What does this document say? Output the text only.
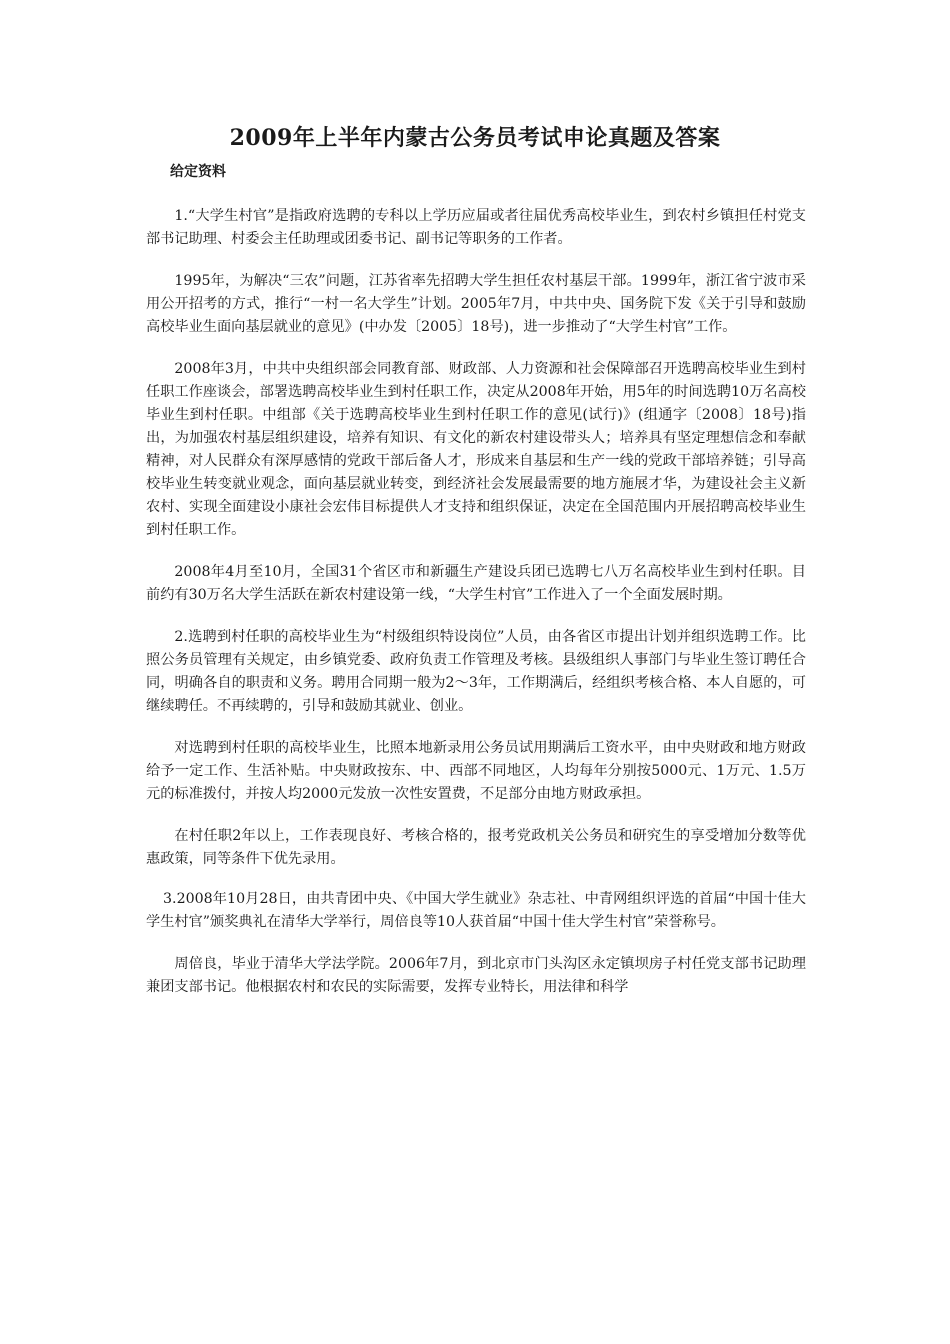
2009年上半年内蒙古公务员考试申论真题及答案
给定资料

1.“大学生村官”是指政府选聘的专科以上学历应届或者往届优秀高校毕业生，到农村乡镇担任村党支部书记助理、村委会主任助理或团委书记、副书记等职务的工作者。

1995年，为解决“三农”问题，江苏省率先招聘大学生担任农村基层干部。1999年，浙江省宁波市采用公开招考的方式，推行“一村一名大学生”计划。2005年7月，中共中央、国务院下发《关于引导和鼓励高校毕业生面向基层就业的意见》(中办发〔2005〕18号)，进一步推动了“大学生村官”工作。

2008年3月，中共中央组织部会同教育部、财政部、人力资源和社会保障部召开选聘高校毕业生到村任职工作座谈会，部署选聘高校毕业生到村任职工作，决定从2008年开始，用5年的时间选聘10万名高校毕业生到村任职。中组部《关于选聘高校毕业生到村任职工作的意见(试行)》(组通字〔2008〕18号)指出，为加强农村基层组织建设，培养有知识、有文化的新农村建设带头人；培养具有坚定理想信念和奉献精神，对人民群众有深厚感情的党政干部后备人才，形成来自基层和生产一线的党政干部培养链；引导高校毕业生转变就业观念，面向基层就业转变，到经济社会发展最需要的地方施展才华，为建设社会主义新农村、实现全面建设小康社会宏伟目标提供人才支持和组织保证，决定在全国范围内开展招聘高校毕业生到村任职工作。

2008年4月至10月，全国31个省区市和新疆生产建设兵团已选聘七八万名高校毕业生到村任职。目前约有30万名大学生活跃在新农村建设第一线，“大学生村官”工作进入了一个全面发展时期。

2.选聘到村任职的高校毕业生为“村级组织特设岗位”人员，由各省区市提出计划并组织选聘工作。比照公务员管理有关规定，由乡镇党委、政府负责工作管理及考核。县级组织人事部门与毕业生签订聘任合同，明确各自的职责和义务。聘用合同期一般为2～3年，工作期满后，经组织考核合格、本人自愿的，可继续聘任。不再续聘的，引导和鼓励其就业、创业。

对选聘到村任职的高校毕业生，比照本地新录用公务员试用期满后工资水平，由中央财政和地方财政给予一定工作、生活补贴。中央财政按东、中、西部不同地区，人均每年分别按5000元、1万元、1.5万元的标准拨付，并按人均2000元发放一次性安置费，不足部分由地方财政承担。

在村任职2年以上，工作表现良好、考核合格的，报考党政机关公务员和研究生的享受增加分数等优惠政策，同等条件下优先录用。

3.2008年10月28日，由共青团中央、《中国大学生就业》杂志社、中青网组织评选的首届“中国十佳大学生村官”颁奖典礼在清华大学举行，周倍良等10人获首届“中国十佳大学生村官”荣誉称号。

周倍良，毕业于清华大学法学院。2006年7月，到北京市门头沟区永定镇坝房子村任党支部书记助理兼团支部书记。他根据农村和农民的实际需要，发挥专业特长，用法律和科学
